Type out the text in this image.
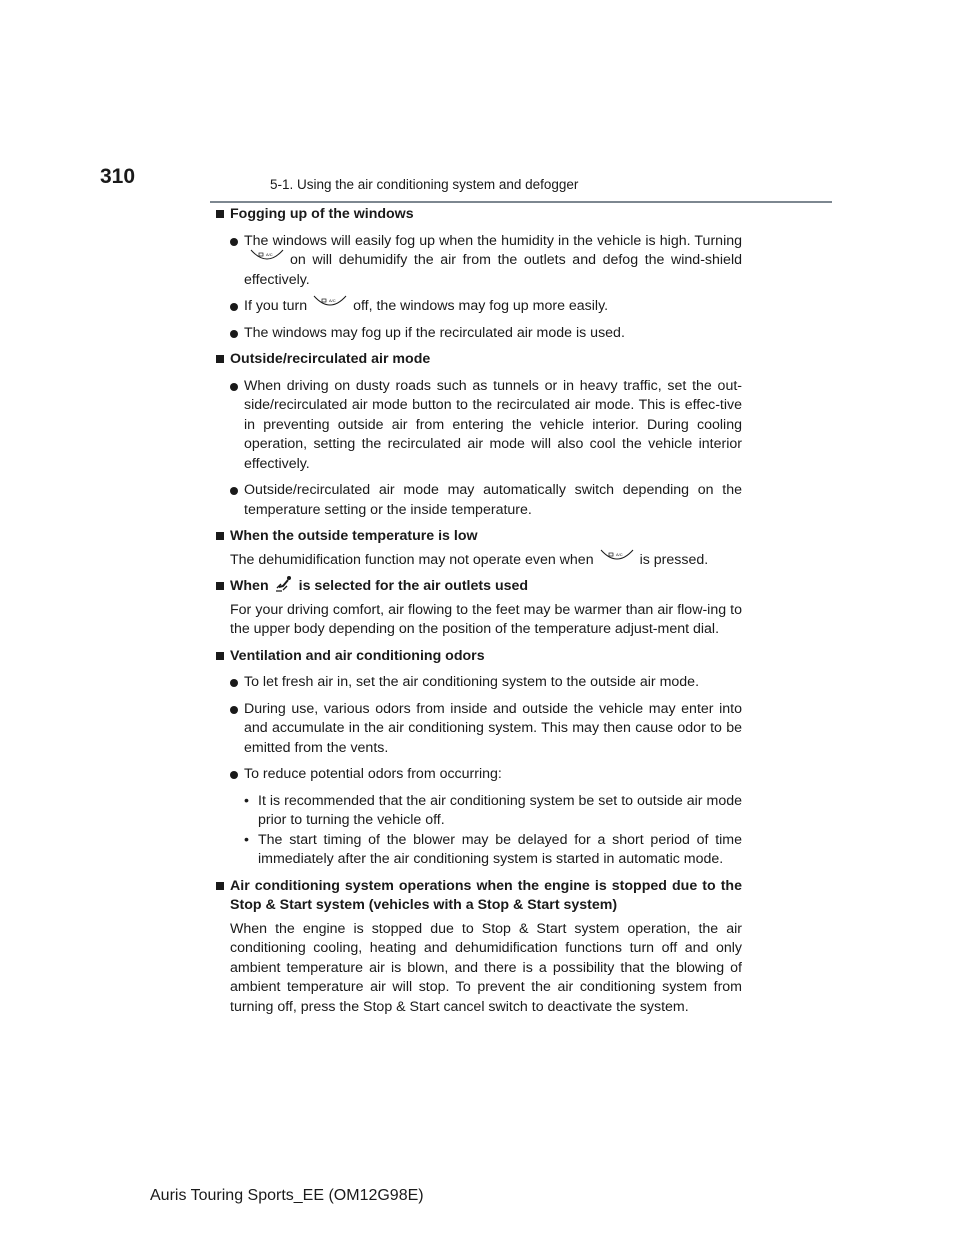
310	5-1. Using the air conditioning system and defogger
Fogging up of the windows
The windows will easily fog up when the humidity in the vehicle is high. Turning
A/C on will dehumidify the air from the outlets and defog the wind-shield effectively.
If you turn	A/C off, the windows may fog up more easily.
The windows may fog up if the recirculated air mode is used.
Outside/recirculated air mode
When driving on dusty roads such as tunnels or in heavy traffic, set the out-side/recirculated air mode button to the recirculated air mode. This is effec-tive in preventing outside air from entering the vehicle interior. During cooling operation, setting the recirculated air mode will also cool the vehicle interior effectively.
Outside/recirculated air mode may automatically switch depending on the temperature setting or the inside temperature.
When the outside temperature is low
The dehumidification function may not operate even when	A/C is pressed.
When is selected for the air outlets used
For your driving comfort, air flowing to the feet may be warmer than air flow-ing to the upper body depending on the position of the temperature adjust-ment dial.
Ventilation and air conditioning odors
To let fresh air in, set the air conditioning system to the outside air mode.
During use, various odors from inside and outside the vehicle may enter into and accumulate in the air conditioning system. This may then cause odor to be emitted from the vents.
To reduce potential odors from occurring:
• It is recommended that the air conditioning system be set to outside air mode prior to turning the vehicle off.
• The start timing of the blower may be delayed for a short period of time immediately after the air conditioning system is started in automatic mode.
Air conditioning system operations when the engine is stopped due to the Stop & Start system (vehicles with a Stop & Start system)
When the engine is stopped due to Stop & Start system operation, the air conditioning cooling, heating and dehumidification functions turn off and only ambient temperature air is blown, and there is a possibility that the blowing of ambient temperature air will stop. To prevent the air conditioning system from turning off, press the Stop & Start cancel switch to deactivate the system.
Auris Touring Sports_EE (OM12G98E)
